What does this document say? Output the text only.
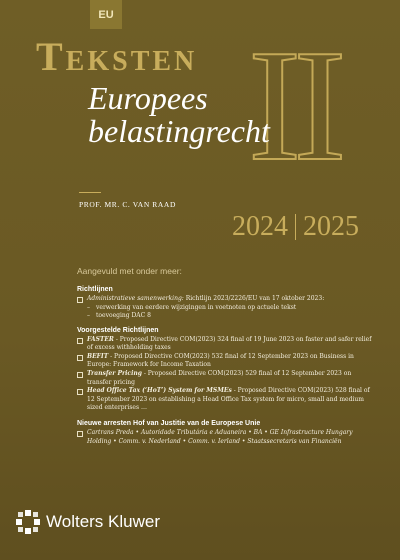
EU
II
Teksten
Europees
belastingrecht
PROF. MR. C. VAN RAAD
2024 2025
Aangevuld met onder meer:
Richtlijnen
Administratieve samenwerking: Richtlijn 2023/2226/EU van 17 oktober 2023:
– verwerking van eerdere wijzigingen in voetnoten op actuele tekst
– toevoeging DAC 8
Voorgestelde Richtlijnen
FASTER - Proposed Directive COM(2023) 324 final of 19 June 2023 on faster and safer relief of excess withholding taxes
BEFIT - Proposed Directive COM(2023) 532 final of 12 September 2023 on Business in Europe: Framework for Income Taxation
Transfer Pricing - Proposed Directive COM(2023) 529 final of 12 September 2023 on transfer pricing
Head Office Tax (‘HoT’) System for MSMEs - Proposed Directive COM(2023) 528 final of 12 September 2023 on establishing a Head Office Tax system for micro, small and medium sized enterprises …
Nieuwe arresten Hof van Justitie van de Europese Unie
Cartrans Preda • Autoridade Tributária e Aduaneira • BA • GE Infrastructure Hungary Holding • Comm. v. Nederland • Comm. v. Ierland • Staatssecretaris van Financiën
Wolters Kluwer
